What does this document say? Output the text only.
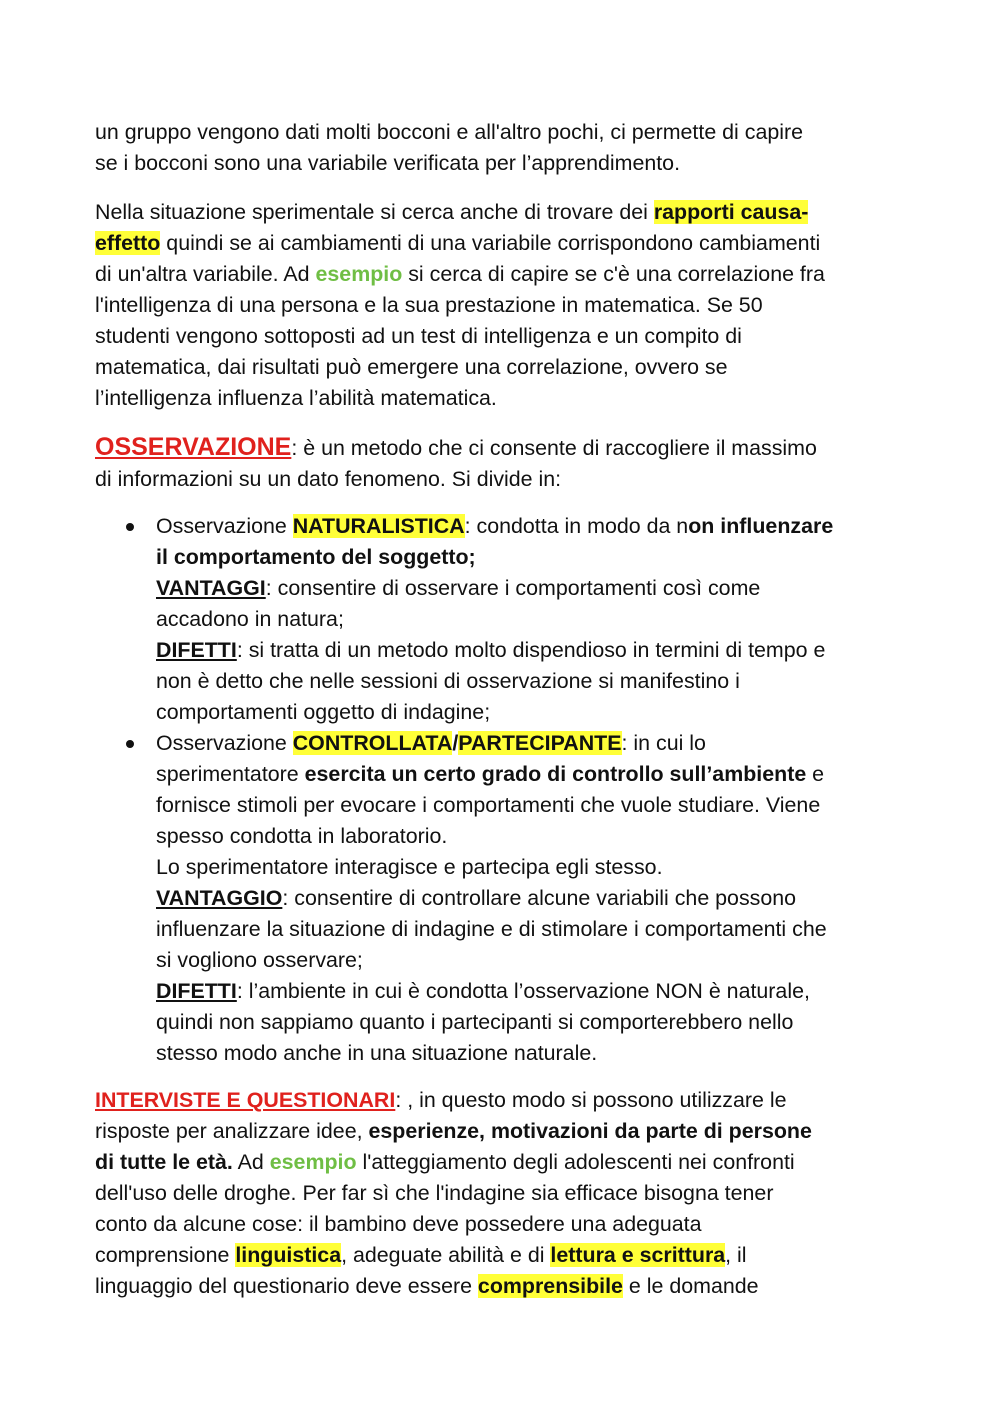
un gruppo vengono dati molti bocconi e all'altro pochi, ci permette di capire
se i bocconi sono una variabile verificata per l’apprendimento.

Nella situazione sperimentale si cerca anche di trovare dei rapporti causa-
effetto quindi se ai cambiamenti di una variabile corrispondono cambiamenti
di un'altra variabile. Ad esempio si cerca di capire se c'è una correlazione fra
l'intelligenza di una persona e la sua prestazione in matematica. Se 50
studenti vengono sottoposti ad un test di intelligenza e un compito di
matematica, dai risultati può emergere una correlazione, ovvero se
l’intelligenza influenza l’abilità matematica.

OSSERVAZIONE: è un metodo che ci consente di raccogliere il massimo
di informazioni su un dato fenomeno. Si divide in:

Osservazione NATURALISTICA: condotta in modo da non influenzare
il comportamento del soggetto;
VANTAGGI: consentire di osservare i comportamenti così come
accadono in natura;
DIFETTI: si tratta di un metodo molto dispendioso in termini di tempo e
non è detto che nelle sessioni di osservazione si manifestino i
comportamenti oggetto di indagine;
Osservazione CONTROLLATA/PARTECIPANTE: in cui lo
sperimentatore esercita un certo grado di controllo sull’ambiente e
fornisce stimoli per evocare i comportamenti che vuole studiare. Viene
spesso condotta in laboratorio.
Lo sperimentatore interagisce e partecipa egli stesso.
VANTAGGIO: consentire di controllare alcune variabili che possono
influenzare la situazione di indagine e di stimolare i comportamenti che
si vogliono osservare;
DIFETTI: l’ambiente in cui è condotta l’osservazione NON è naturale,
quindi non sappiamo quanto i partecipanti si comporterebbero nello
stesso modo anche in una situazione naturale.

INTERVISTE E QUESTIONARI: , in questo modo si possono utilizzare le
risposte per analizzare idee, esperienze, motivazioni da parte di persone
di tutte le età. Ad esempio l'atteggiamento degli adolescenti nei confronti
dell'uso delle droghe. Per far sì che l'indagine sia efficace bisogna tener
conto da alcune cose: il bambino deve possedere una adeguata
comprensione linguistica, adeguate abilità e di lettura e scrittura, il
linguaggio del questionario deve essere comprensibile e le domande
